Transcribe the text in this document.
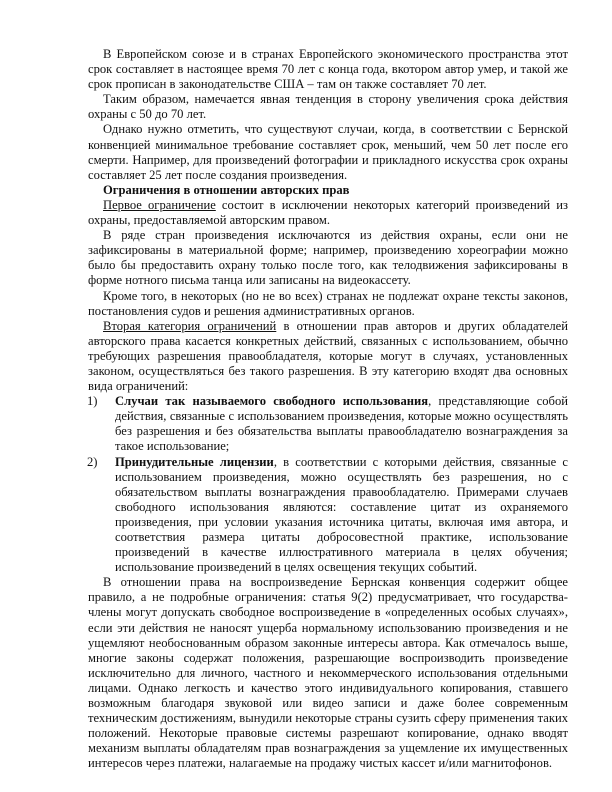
В Европейском союзе и в странах Европейского экономического пространства этот срок составляет в настоящее время 70 лет с конца года, вкотором автор умер, и такой же срок прописан в законодательстве США – там он также составляет 70 лет.

Таким образом, намечается явная тенденция в сторону увеличения срока действия охраны с 50 до 70 лет.

Однако нужно отметить, что существуют случаи, когда, в соответствии с Бернской конвенцией минимальное требование составляет срок, меньший, чем 50 лет после его смерти. Например, для произведений фотографии и прикладного искусства срок охраны составляет 25 лет после создания произведения.

Ограничения в отношении авторских прав

Первое ограничение состоит в исключении некоторых категорий произведений из охраны, предоставляемой авторским правом.

В ряде стран произведения исключаются из действия охраны, если они не зафиксированы в материальной форме; например, произведению хореографии можно было бы предоставить охрану только после того, как телодвижения зафиксированы в форме нотного письма танца или записаны на видеокассету.

Кроме того, в некоторых (но не во всех) странах не подлежат охране тексты законов, постановления судов и решения административных органов.

Вторая категория ограничений в отношении прав авторов и других обладателей авторского права касается конкретных действий, связанных с использованием, обычно требующих разрешения правообладателя, которые могут в случаях, установленных законом, осуществляться без такого разрешения. В эту категорию входят два основных вида ограничений:

1) Случаи так называемого свободного использования, представляющие собой действия, связанные с использованием произведения, которые можно осуществлять без разрешения и без обязательства выплаты правообладателю вознаграждения за такое использование;
2) Принудительные лицензии, в соответствии с которыми действия, связанные с использованием произведения, можно осуществлять без разрешения, но с обязательством выплаты вознаграждения правообладателю. Примерами случаев свободного использования являются: составление цитат из охраняемого произведения, при условии указания источника цитаты, включая имя автора, и соответствия размера цитаты добросовестной практике, использование произведений в качестве иллюстративного материала в целях обучения; использование произведений в целях освещения текущих событий.

В отношении права на воспроизведение Бернская конвенция содержит общее правило, а не подробные ограничения: статья 9(2) предусматривает, что государства-члены могут допускать свободное воспроизведение в «определенных особых случаях», если эти действия не наносят ущерба нормальному использованию произведения и не ущемляют необоснованным образом законные интересы автора. Как отмечалось выше, многие законы содержат положения, разрешающие воспроизводить произведение исключительно для личного, частного и некоммерческого использования отдельными лицами. Однако легкость и качество этого индивидуального копирования, ставшего возможным благодаря звуковой или видео записи и даже более современным техническим достижениям, вынудили некоторые страны сузить сферу применения таких положений. Некоторые правовые системы разрешают копирование, однако вводят механизм выплаты обладателям прав вознаграждения за ущемление их имущественных интересов через платежи, налагаемые на продажу чистых кассет и/или магнитофонов.
